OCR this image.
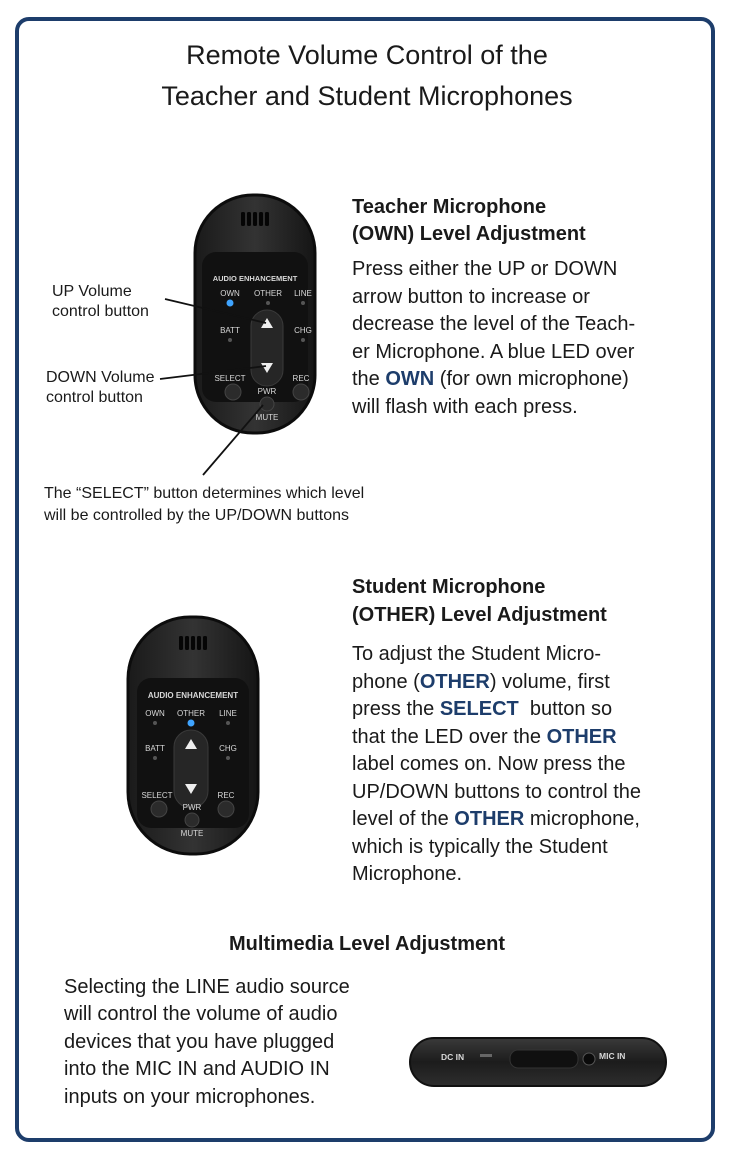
Remote Volume Control of the
Teacher and Student Microphones
AUDIO ENHANCEMENT
OWN OTHER LINE
BATT	CHG
SELECT	REC
PWR
MUTE
UP Volume
control button
DOWN Volume
control button
The “SELECT” button determines which level
will be controlled by the UP/DOWN buttons
Teacher Microphone
(OWN) Level Adjustment
Press either the UP or DOWN
arrow button to increase or
decrease the level of the Teach-
er Microphone. A blue LED over
the OWN (for own microphone)
will flash with each press.
AUDIO ENHANCEMENT
OWN OTHER LINE
BATT	CHG
SELECT	REC
PWR
MUTE
Student Microphone
(OTHER) Level Adjustment
To adjust the Student Micro-
phone (OTHER) volume, first
press the SELECT  button so
that the LED over the OTHER
label comes on. Now press the
UP/DOWN buttons to control the
level of the OTHER microphone,
which is typically the Student
Microphone.
Multimedia Level Adjustment
Selecting the LINE audio source
will control the volume of audio
devices that you have plugged
into the MIC IN and AUDIO IN
inputs on your microphones.
DC IN	MIC IN
